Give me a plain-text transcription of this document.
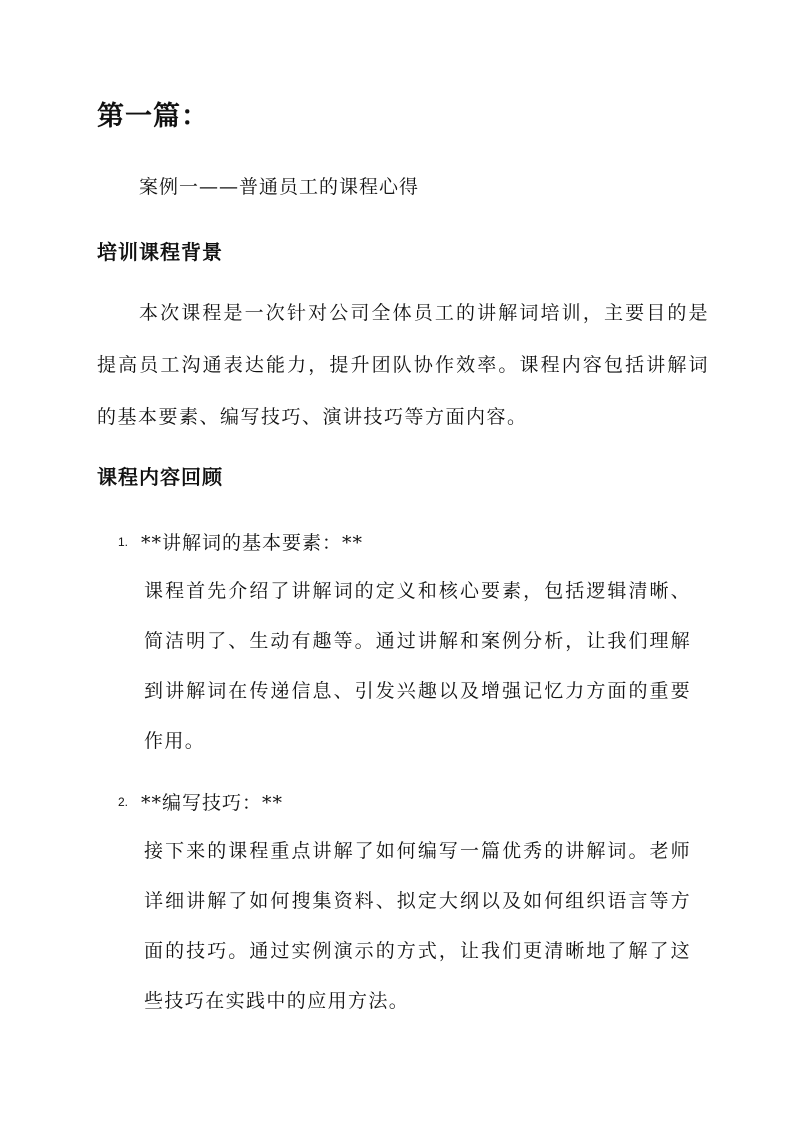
第一篇：

案例一——普通员工的课程心得

培训课程背景

本次课程是一次针对公司全体员工的讲解词培训，主要目的是提高员工沟通表达能力，提升团队协作效率。课程内容包括讲解词的基本要素、编写技巧、演讲技巧等方面内容。

课程内容回顾
1. **讲解词的基本要素：**

课程首先介绍了讲解词的定义和核心要素，包括逻辑清晰、简洁明了、生动有趣等。通过讲解和案例分析，让我们理解到讲解词在传递信息、引发兴趣以及增强记忆力方面的重要作用。

2. **编写技巧：**

接下来的课程重点讲解了如何编写一篇优秀的讲解词。老师详细讲解了如何搜集资料、拟定大纲以及如何组织语言等方面的技巧。通过实例演示的方式，让我们更清晰地了解了这些技巧在实践中的应用方法。
